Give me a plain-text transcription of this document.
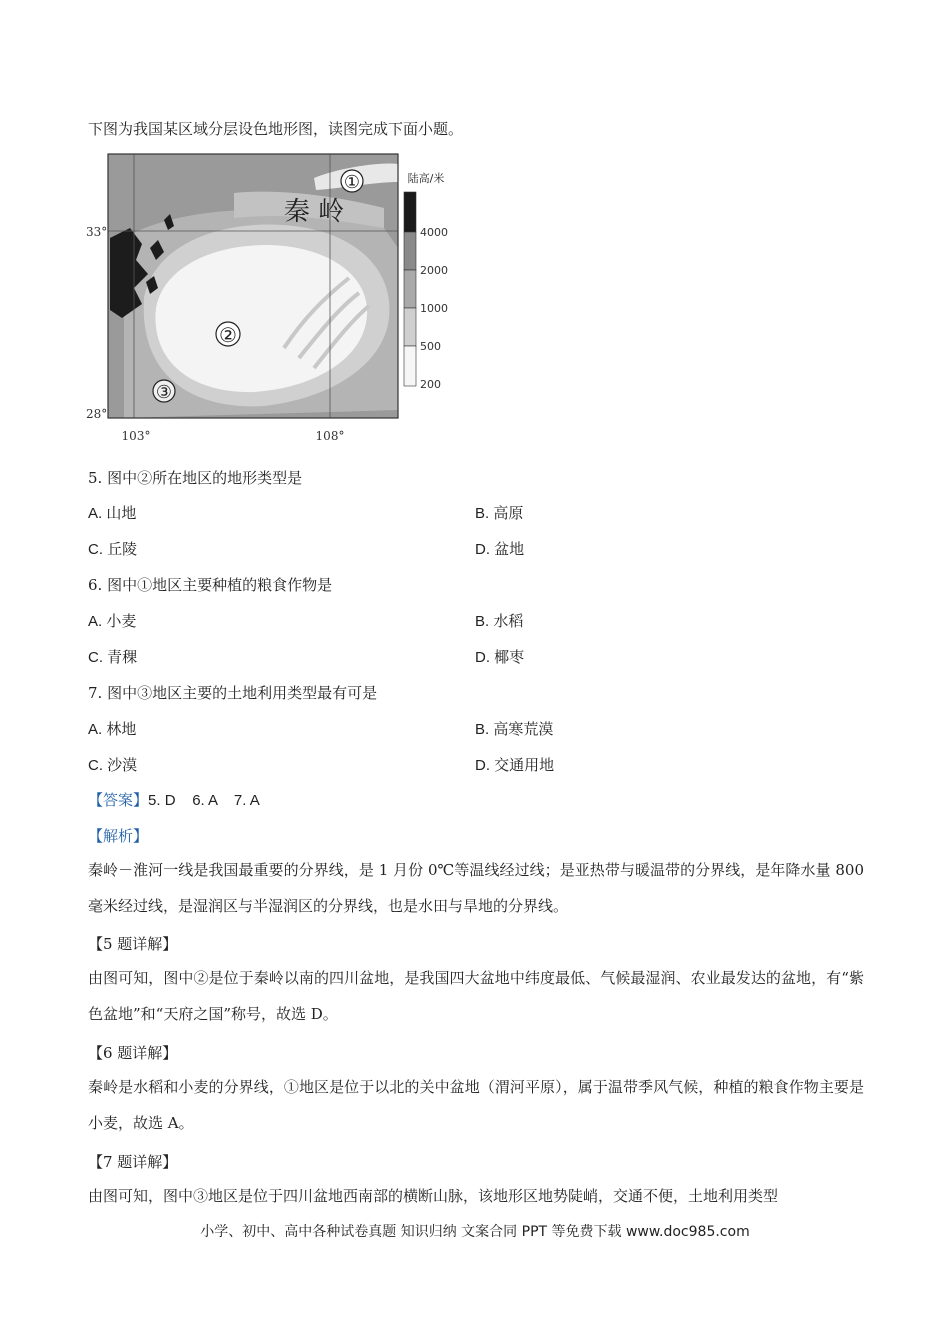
下图为我国某区域分层设色地形图，读图完成下面小题。
①
秦 岭
②
③
33°
28°
103°	108°
陆高/米
4000
2000
1000
500
200
5. 图中②所在地区的地形类型是
A. 山地	B. 高原
C. 丘陵	D. 盆地
6. 图中①地区主要种植的粮食作物是
A. 小麦	B. 水稻
C. 青稞	D. 椰枣
7. 图中③地区主要的土地利用类型最有可是
A. 林地	B. 高寒荒漠
C. 沙漠	D. 交通用地
【答案】5. D    6. A    7. A
【解析】
秦岭－淮河一线是我国最重要的分界线，是 1 月份 0℃等温线经过线；是亚热带与暖温带的分界线，是年降水量 800 毫米经过线，是湿润区与半湿润区的分界线，也是水田与旱地的分界线。
【5 题详解】
由图可知，图中②是位于秦岭以南的四川盆地，是我国四大盆地中纬度最低、气候最湿润、农业最发达的盆地，有“紫色盆地”和“天府之国”称号，故选 D。
【6 题详解】
秦岭是水稻和小麦的分界线，①地区是位于以北的关中盆地（渭河平原），属于温带季风气候，种植的粮食作物主要是小麦，故选 A。
【7 题详解】
由图可知，图中③地区是位于四川盆地西南部的横断山脉，该地形区地势陡峭，交通不便，土地利用类型
小学、初中、高中各种试卷真题 知识归纳 文案合同 PPT 等免费下载 www.doc985.com
